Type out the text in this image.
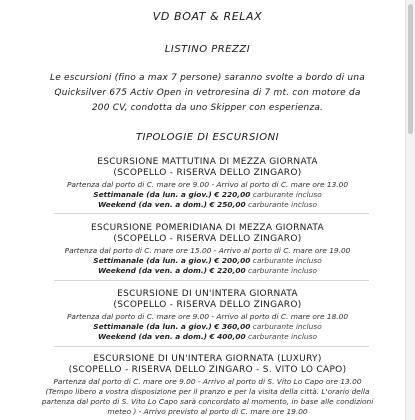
VD BOAT & RELAX
LISTINO PREZZI
Le escursioni (fino a max 7 persone) saranno svolte a bordo di una
Quicksilver 675 Activ Open in vetroresina di 7 mt. con motore da
200 CV, condotta da uno Skipper con esperienza.
TIPOLOGIE DI ESCURSIONI
ESCURSIONE MATTUTINA DI MEZZA GIORNATA
(SCOPELLO - RISERVA DELLO ZINGARO)
Partenza dal porto di C. mare ore 9.00 - Arrivo al porto di C. mare ore 13.00
Settimanale (da lun. a giov.) € 220,00 carburante incluso
Weekend (da ven. a dom.) € 250,00 carburante incluso
ESCURSIONE POMERIDIANA DI MEZZA GIORNATA
(SCOPELLO - RISERVA DELLO ZINGARO)
Partenza dal porto di C. mare ore 15.00 - Arrivo al porto di C. mare ore 19.00
Settimanale (da lun. a giov.) € 200,00 carburante incluso
Weekend (da ven. a dom.) € 220,00 carburante incluso
ESCURSIONE DI UN'INTERA GIORNATA
(SCOPELLO - RISERVA DELLO ZINGARO)
Partenza dal porto di C. mare ore 9.00 - Arrivo al porto di C. mare ore 18.00
Settimanale (da lun. a giov.) € 360,00 carburante incluso
Weekend (da ven. a dom.) € 400,00 carburante incluso
ESCURSIONE DI UN'INTERA GIORNATA (LUXURY)
(SCOPELLO - RISERVA DELLO ZINGARO - S. VITO LO CAPO)
Partenza dal porto di C. mare ore 9.00 - Arrivo al porto di S. Vito Lo Capo ore 13.00
(Tempo libero a vostra disposizione per il pranzo e per la visita della città. L'orario della
partenza dal porto di S. Vito Lo Capo sarà concordato al momento, in base alle condizioni
meteo ) - Arrivo previsto al porto di C. mare ore 19.00
